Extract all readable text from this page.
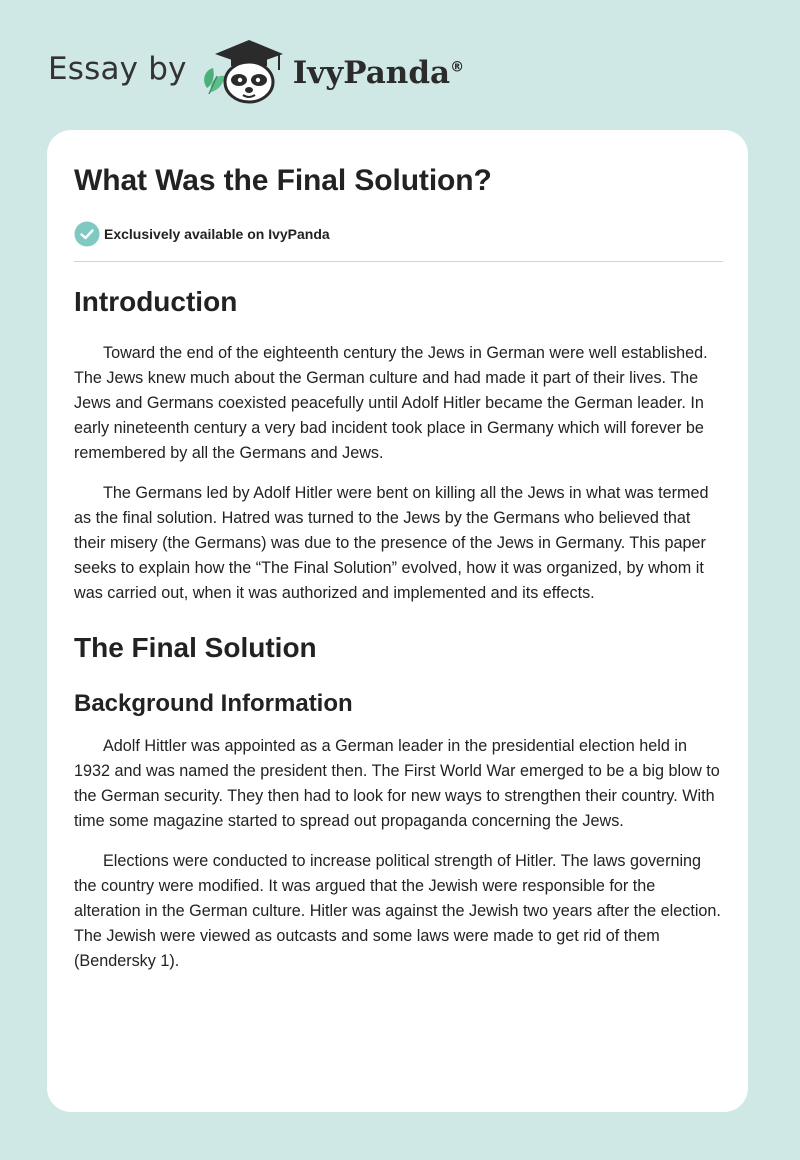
Essay by	IvyPanda®
What Was the Final Solution?
Exclusively available on IvyPanda
Introduction

Toward the end of the eighteenth century the Jews in German were well established. The Jews knew much about the German culture and had made it part of their lives. The Jews and Germans coexisted peacefully until Adolf Hitler became the German leader. In early nineteenth century a very bad incident took place in Germany which will forever be remembered by all the Germans and Jews.

The Germans led by Adolf Hitler were bent on killing all the Jews in what was termed as the final solution. Hatred was turned to the Jews by the Germans who believed that their misery (the Germans) was due to the presence of the Jews in Germany. This paper seeks to explain how the “The Final Solution” evolved, how it was organized, by whom it was carried out, when it was authorized and implemented and its effects.

The Final Solution
Background Information

Adolf Hittler was appointed as a German leader in the presidential election held in 1932 and was named the president then. The First World War emerged to be a big blow to the German security. They then had to look for new ways to strengthen their country. With time some magazine started to spread out propaganda concerning the Jews.

Elections were conducted to increase political strength of Hitler. The laws governing the country were modified. It was argued that the Jewish were responsible for the alteration in the German culture. Hitler was against the Jewish two years after the election. The Jewish were viewed as outcasts and some laws were made to get rid of them (Bendersky 1).
